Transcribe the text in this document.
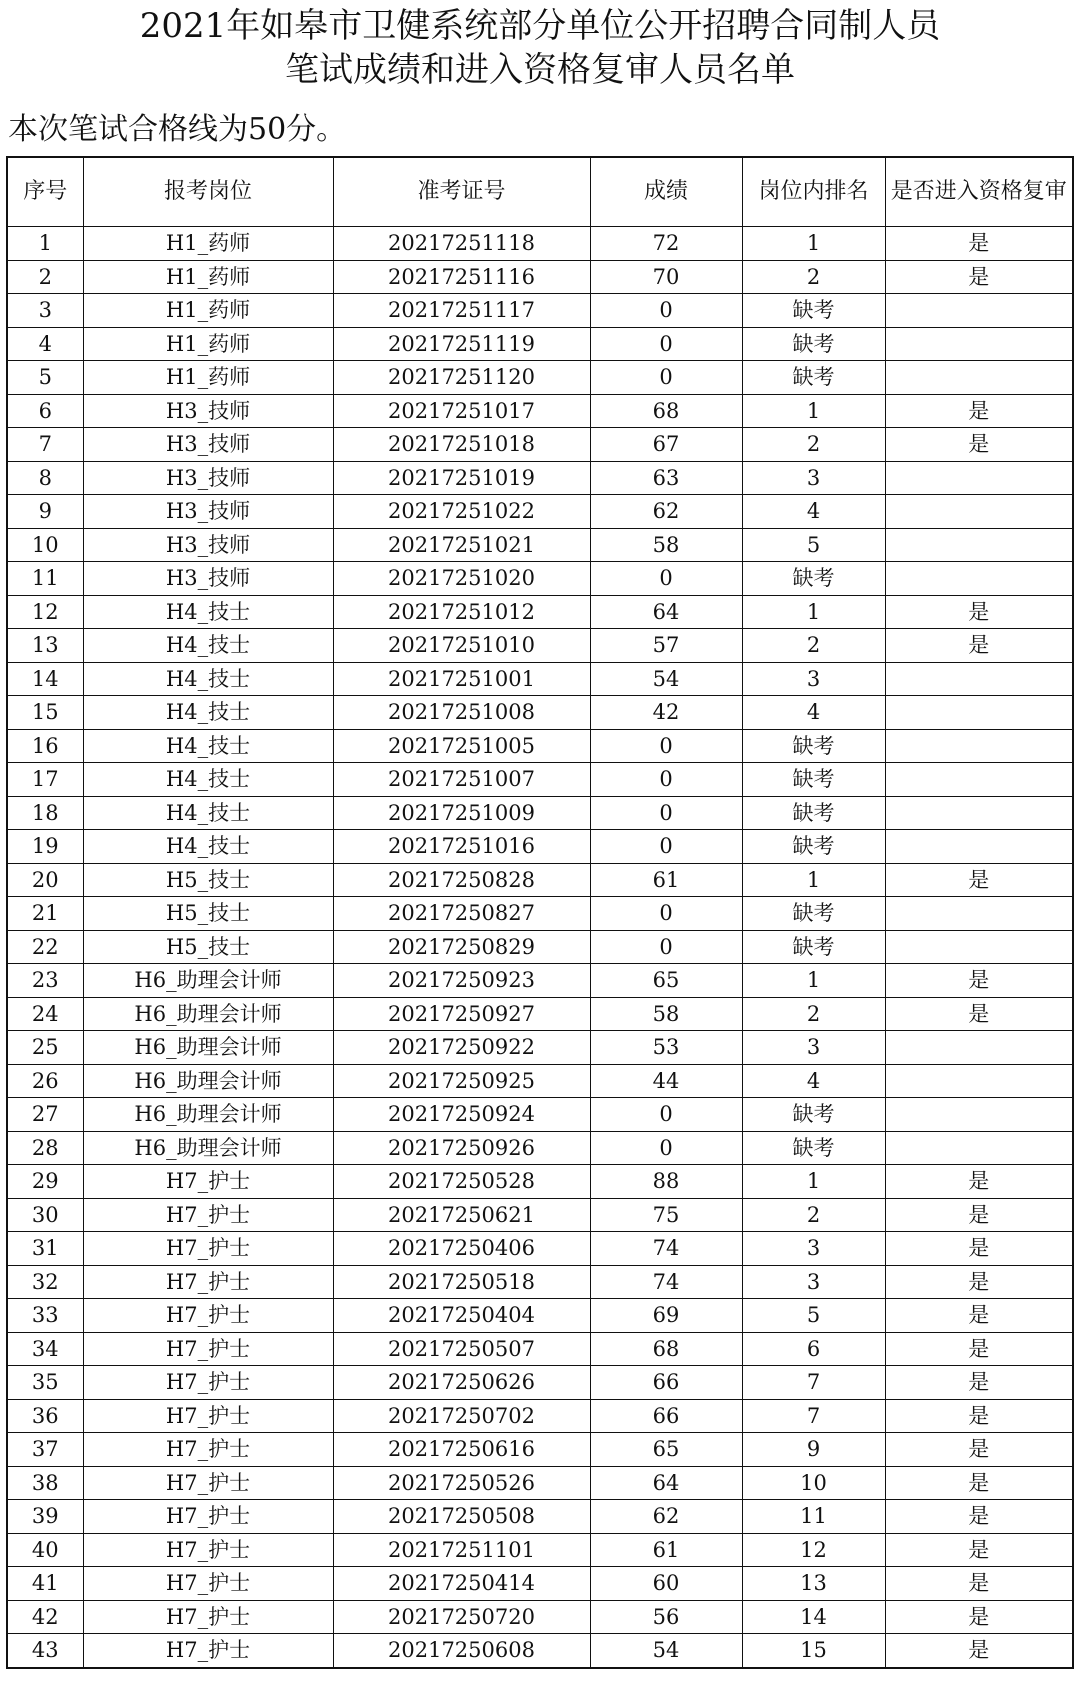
2021年如皋市卫健系统部分单位公开招聘合同制人员
笔试成绩和进入资格复审人员名单
本次笔试合格线为50分。
序号	报考岗位	准考证号	成绩	岗位内排名	是否进入资格复审
1	H1_药师	20217251118	72	1	是
2	H1_药师	20217251116	70	2	是
3	H1_药师	20217251117	0	缺考	
4	H1_药师	20217251119	0	缺考	
5	H1_药师	20217251120	0	缺考	
6	H3_技师	20217251017	68	1	是
7	H3_技师	20217251018	67	2	是
8	H3_技师	20217251019	63	3	
9	H3_技师	20217251022	62	4	
10	H3_技师	20217251021	58	5	
11	H3_技师	20217251020	0	缺考	
12	H4_技士	20217251012	64	1	是
13	H4_技士	20217251010	57	2	是
14	H4_技士	20217251001	54	3	
15	H4_技士	20217251008	42	4	
16	H4_技士	20217251005	0	缺考	
17	H4_技士	20217251007	0	缺考	
18	H4_技士	20217251009	0	缺考	
19	H4_技士	20217251016	0	缺考	
20	H5_技士	20217250828	61	1	是
21	H5_技士	20217250827	0	缺考	
22	H5_技士	20217250829	0	缺考	
23	H6_助理会计师	20217250923	65	1	是
24	H6_助理会计师	20217250927	58	2	是
25	H6_助理会计师	20217250922	53	3	
26	H6_助理会计师	20217250925	44	4	
27	H6_助理会计师	20217250924	0	缺考	
28	H6_助理会计师	20217250926	0	缺考	
29	H7_护士	20217250528	88	1	是
30	H7_护士	20217250621	75	2	是
31	H7_护士	20217250406	74	3	是
32	H7_护士	20217250518	74	3	是
33	H7_护士	20217250404	69	5	是
34	H7_护士	20217250507	68	6	是
35	H7_护士	20217250626	66	7	是
36	H7_护士	20217250702	66	7	是
37	H7_护士	20217250616	65	9	是
38	H7_护士	20217250526	64	10	是
39	H7_护士	20217250508	62	11	是
40	H7_护士	20217251101	61	12	是
41	H7_护士	20217250414	60	13	是
42	H7_护士	20217250720	56	14	是
43	H7_护士	20217250608	54	15	是
